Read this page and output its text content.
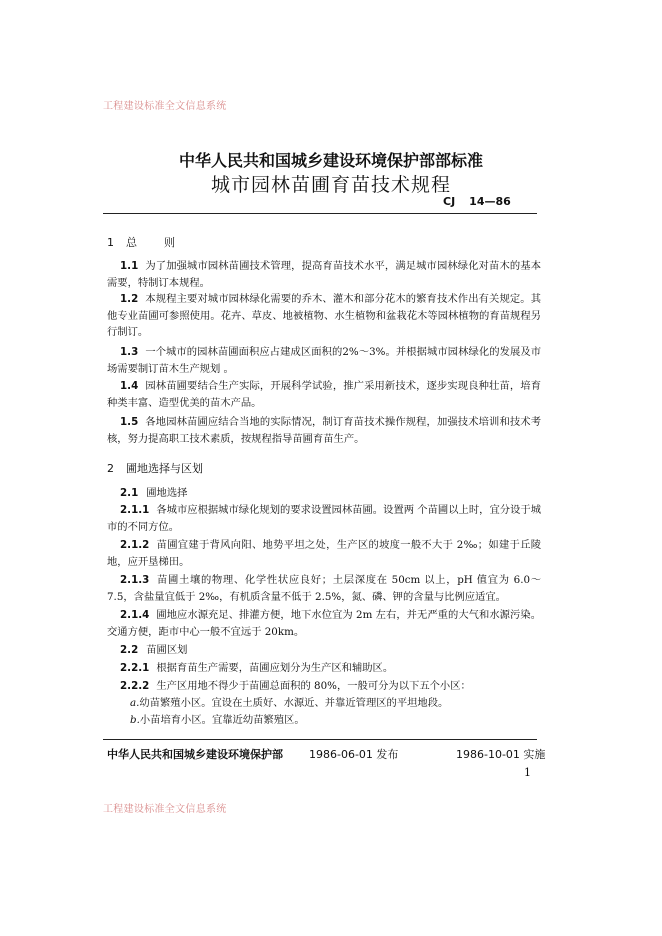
工程建设标准全文信息系统
中华人民共和国城乡建设环境保护部部标准
城市园林苗圃育苗技术规程
CJ 14—86
1 总　则
1.1 为了加强城市园林苗圃技术管理，提高育苗技术水平，满足城市园林绿化对苗木的基本需要，特制订本规程。
1.2 本规程主要对城市园林绿化需要的乔木、灌木和部分花木的繁育技术作出有关规定。其他专业苗圃可参照使用。花卉、草皮、地被植物、水生植物和盆栽花木等园林植物的育苗规程另行制订。
1.3 一个城市的园林苗圃面积应占建成区面积的2%～3%。并根据城市园林绿化的发展及市场需要制订苗木生产规划 。
1.4 园林苗圃要结合生产实际，开展科学试验，推广采用新技术，逐步实现良种壮苗，培育种类丰富、造型优美的苗木产品。
1.5 各地园林苗圃应结合当地的实际情况，制订育苗技术操作规程，加强技术培训和技术考核，努力提高职工技术素质，按规程指导苗圃育苗生产。
2 圃地选择与区划
2.1 圃地选择
2.1.1 各城市应根据城市绿化规划的要求设置园林苗圃。设置两 个苗圃以上时，宜分设于城市的不同方位。
2.1.2 苗圃宜建于背风向阳、地势平坦之处，生产区的坡度一般不大于 2‰；如建于丘陵地，应开垦梯田。
2.1.3 苗圃土壤的物理、化学性状应良好；土层深度在 50cm 以上，pH 值宜为 6.0～7.5，含盐量宜低于 2‰，有机质含量不低于 2.5%，氮、磷、钾的含量与比例应适宜。
2.1.4 圃地应水源充足、排灌方便，地下水位宜为 2m 左右，并无严重的大气和水源污染。交通方便，距市中心一般不宜远于 20km。
2.2 苗圃区划
2.2.1 根据育苗生产需要，苗圃应划分为生产区和辅助区。
2.2.2 生产区用地不得少于苗圃总面积的 80%，一般可分为以下五个小区：
a.幼苗繁殖小区。宜设在土质好、水源近、并靠近管理区的平坦地段。
b.小苗培育小区。宜靠近幼苗繁殖区。
中华人民共和国城乡建设环境保护部 1986-06-01 发布	1986-10-01 实施
1
工程建设标准全文信息系统
